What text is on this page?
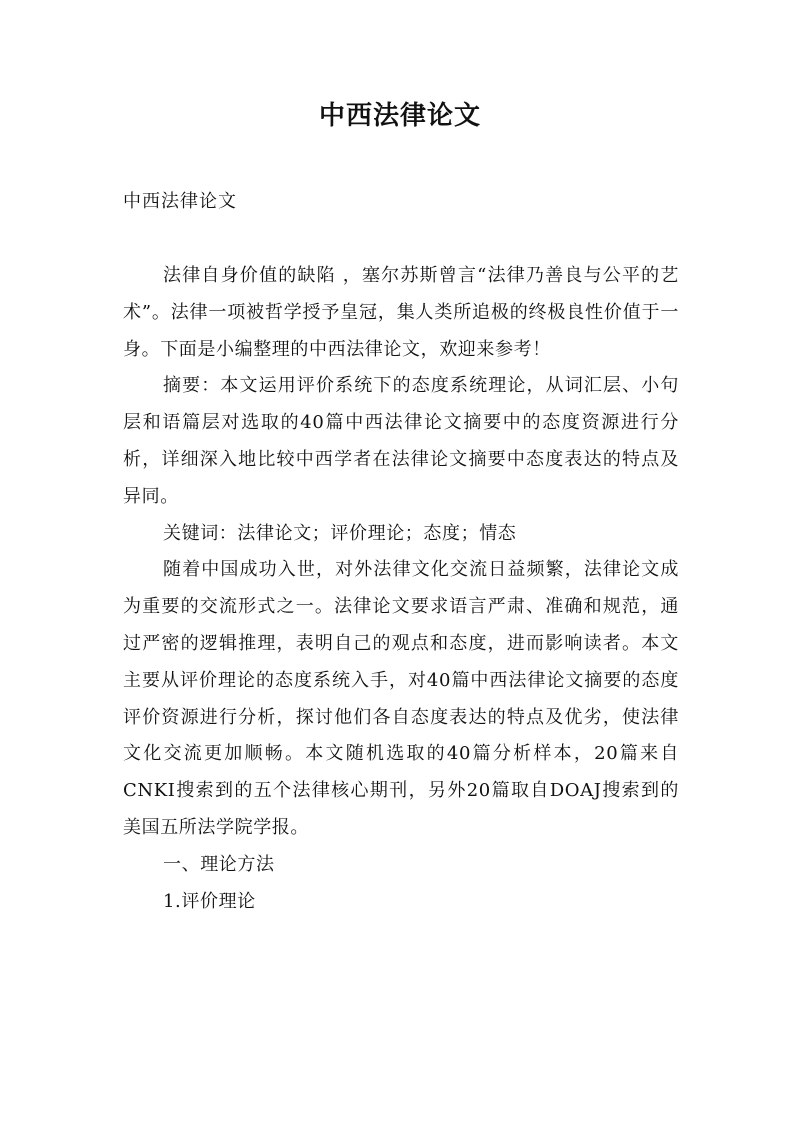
中西法律论文

中西法律论文

法律自身价值的缺陷 ，塞尔苏斯曾言“法律乃善良与公平的艺术”。法律一项被哲学授予皇冠，集人类所追极的终极良性价值于一身。下面是小编整理的中西法律论文，欢迎来参考！

摘要：本文运用评价系统下的态度系统理论，从词汇层、小句层和语篇层对选取的40篇中西法律论文摘要中的态度资源进行分析，详细深入地比较中西学者在法律论文摘要中态度表达的特点及异同。

关键词：法律论文；评价理论；态度；情态

随着中国成功入世，对外法律文化交流日益频繁，法律论文成为重要的交流形式之一。法律论文要求语言严肃、准确和规范，通过严密的逻辑推理，表明自己的观点和态度，进而影响读者。本文主要从评价理论的态度系统入手，对40篇中西法律论文摘要的态度评价资源进行分析，探讨他们各自态度表达的特点及优劣，使法律文化交流更加顺畅。本文随机选取的40篇分析样本，20篇来自CNKI搜索到的五个法律核心期刊，另外20篇取自DOAJ搜索到的美国五所法学院学报。

一、理论方法

1.评价理论
